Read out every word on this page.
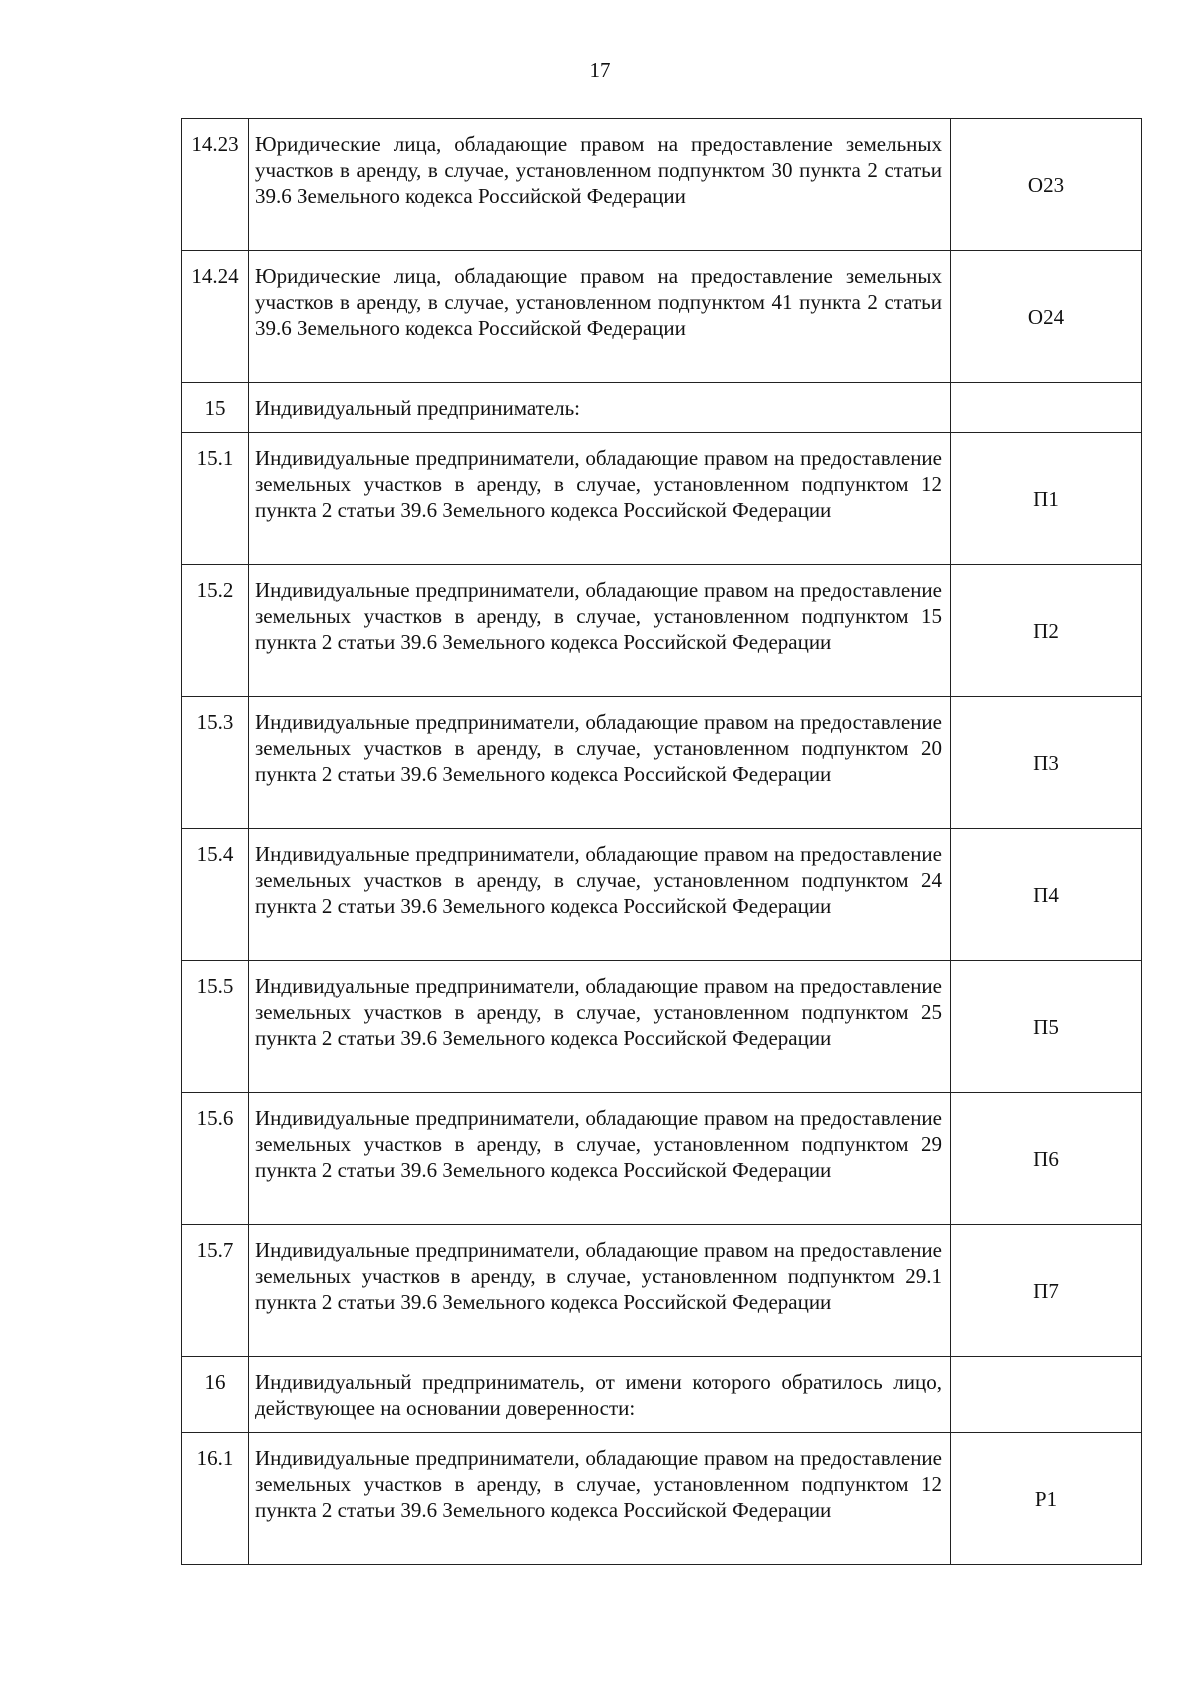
17
14.23	Юридические лица, обладающие правом на предоставление земельных участков в аренду, в случае, установленном подпунктом 30 пункта 2 статьи 39.6 Земельного кодекса Российской Федерации	О23
14.24	Юридические лица, обладающие правом на предоставление земельных участков в аренду, в случае, установленном подпунктом 41 пункта 2 статьи 39.6 Земельного кодекса Российской Федерации	О24
15	Индивидуальный предприниматель:	
15.1	Индивидуальные предприниматели, обладающие правом на предоставление земельных участков в аренду, в случае, установленном подпунктом 12 пункта 2 статьи 39.6 Земельного кодекса Российской Федерации	П1
15.2	Индивидуальные предприниматели, обладающие правом на предоставление земельных участков в аренду, в случае, установленном подпунктом 15 пункта 2 статьи 39.6 Земельного кодекса Российской Федерации	П2
15.3	Индивидуальные предприниматели, обладающие правом на предоставление земельных участков в аренду, в случае, установленном подпунктом 20 пункта 2 статьи 39.6 Земельного кодекса Российской Федерации	П3
15.4	Индивидуальные предприниматели, обладающие правом на предоставление земельных участков в аренду, в случае, установленном подпунктом 24 пункта 2 статьи 39.6 Земельного кодекса Российской Федерации	П4
15.5	Индивидуальные предприниматели, обладающие правом на предоставление земельных участков в аренду, в случае, установленном подпунктом 25 пункта 2 статьи 39.6 Земельного кодекса Российской Федерации	П5
15.6	Индивидуальные предприниматели, обладающие правом на предоставление земельных участков в аренду, в случае, установленном подпунктом 29 пункта 2 статьи 39.6 Земельного кодекса Российской Федерации	П6
15.7	Индивидуальные предприниматели, обладающие правом на предоставление земельных участков в аренду, в случае, установленном подпунктом 29.1 пункта 2 статьи 39.6 Земельного кодекса Российской Федерации	П7
16	Индивидуальный предприниматель, от имени которого обратилось лицо, действующее на основании доверенности:	
16.1	Индивидуальные предприниматели, обладающие правом на предоставление земельных участков в аренду, в случае, установленном подпунктом 12 пункта 2 статьи 39.6 Земельного кодекса Российской Федерации	Р1
